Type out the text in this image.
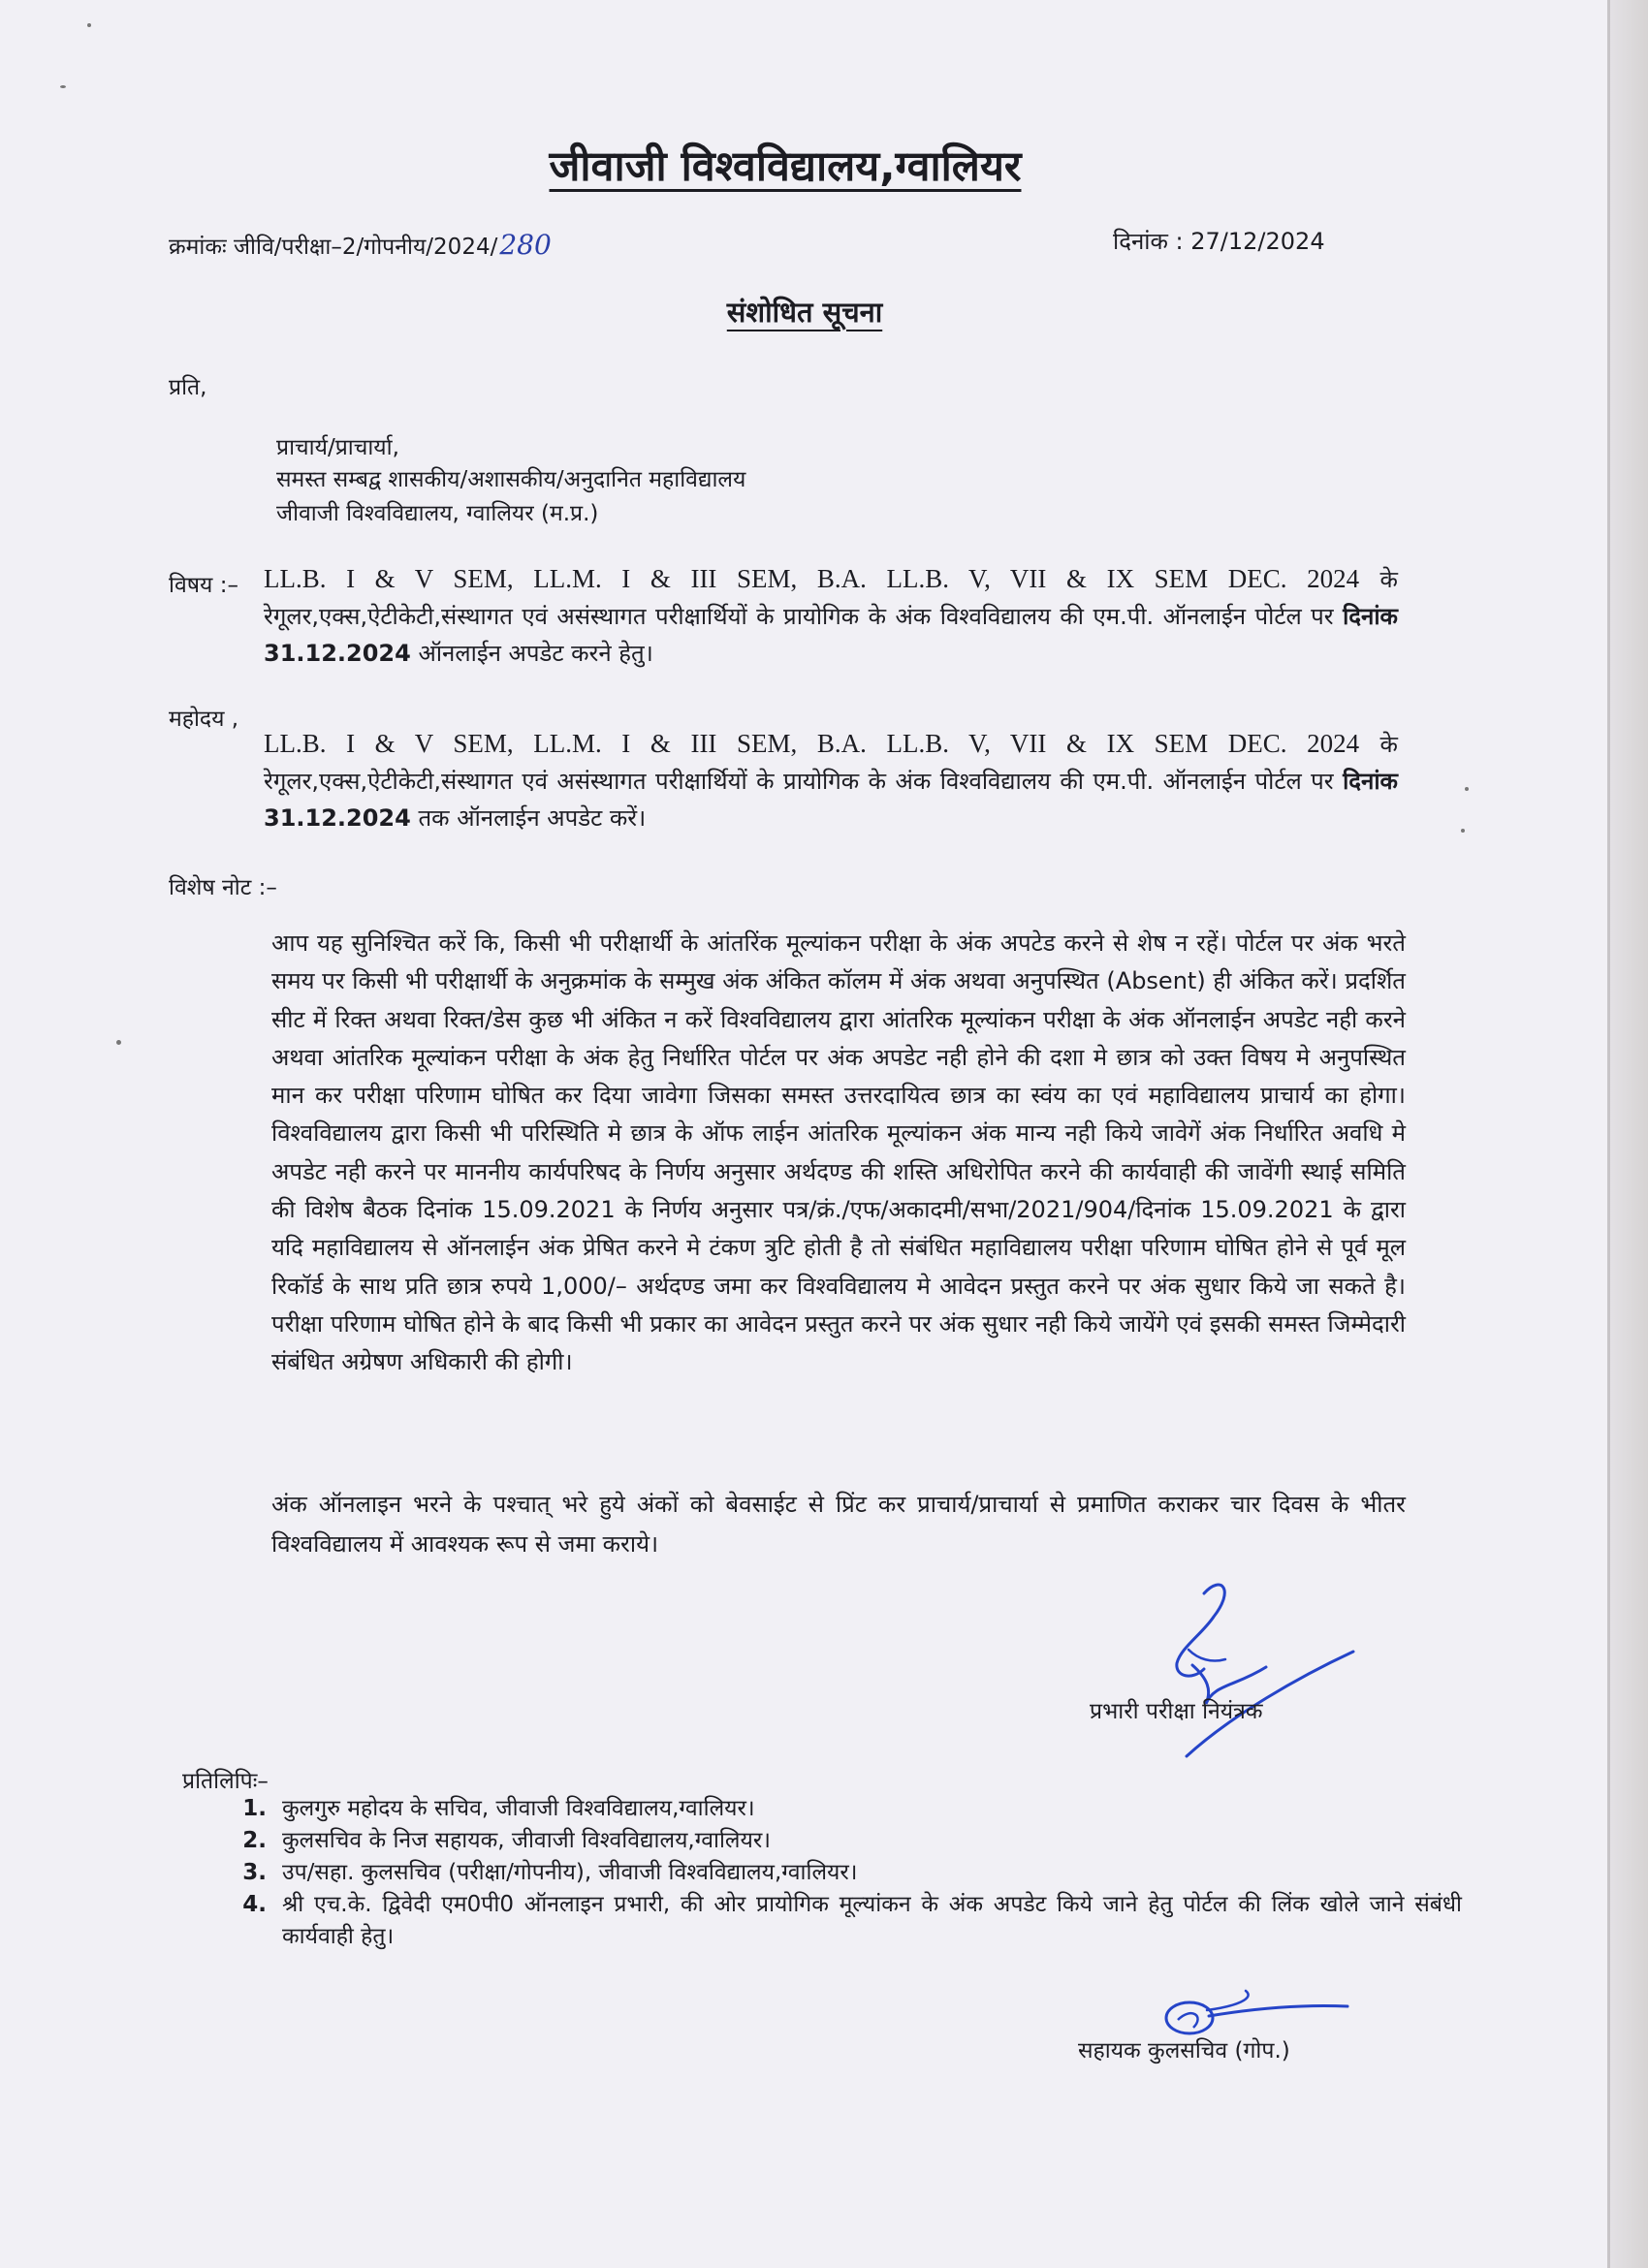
जीवाजी विश्वविद्यालय,ग्वालियर
क्रमांकः जीवि/परीक्षा–2/गोपनीय/2024/280	दिनांक : 27/12/2024
संशोधित सूचना
प्रति,
प्राचार्य/प्राचार्या,
समस्त सम्बद्व शासकीय/अशासकीय/अनुदानित महाविद्यालय
जीवाजी विश्वविद्यालय, ग्वालियर (म.प्र.)
विषय :– LL.B. I & V SEM, LL.M. I & III SEM, B.A. LL.B. V, VII & IX SEM DEC. 2024 के रेगूलर,एक्स,ऐटीकेटी,संस्थागत एवं असंस्थागत परीक्षार्थियों के प्रायोगिक के अंक विश्वविद्यालय की एम.पी. ऑनलाईन पोर्टल पर दिनांक 31.12.2024 ऑनलाईन अपडेट करने हेतु।
महोदय ,
LL.B. I & V SEM, LL.M. I & III SEM, B.A. LL.B. V, VII & IX SEM DEC. 2024 के रेगूलर,एक्स,ऐटीकेटी,संस्थागत एवं असंस्थागत परीक्षार्थियों के प्रायोगिक के अंक विश्वविद्यालय की एम.पी. ऑनलाईन पोर्टल पर दिनांक 31.12.2024 तक ऑनलाईन अपडेट करें।
विशेष नोट :–
आप यह सुनिश्चित करें कि, किसी भी परीक्षार्थी के आंतरिंक मूल्यांकन परीक्षा के अंक अपटेड करने से शेष न रहें। पोर्टल पर अंक भरते समय पर किसी भी परीक्षार्थी के अनुक्रमांक के सम्मुख अंक अंकित कॉलम में अंक अथवा अनुपस्थित (Absent) ही अंकित करें। प्रदर्शित सीट में रिक्त अथवा रिक्त/डेस कुछ भी अंकित न करें विश्वविद्यालय द्वारा आंतरिक मूल्यांकन परीक्षा के अंक ऑनलाईन अपडेट नही करने अथवा आंतरिक मूल्यांकन परीक्षा के अंक हेतु निर्धारित पोर्टल पर अंक अपडेट नही होने की दशा मे छात्र को उक्त विषय मे अनुपस्थित मान कर परीक्षा परिणाम घोषित कर दिया जावेगा जिसका समस्त उत्तरदायित्व छात्र का स्वंय का एवं महाविद्यालय प्राचार्य का होगा। विश्वविद्यालय द्वारा किसी भी परिस्थिति मे छात्र के ऑफ लाईन आंतरिक मूल्यांकन अंक मान्य नही किये जावेगें अंक निर्धारित अवधि मे अपडेट नही करने पर माननीय कार्यपरिषद के निर्णय अनुसार अर्थदण्ड की शस्ति अधिरोपित करने की कार्यवाही की जावेंगी स्थाई समिति की विशेष बैठक दिनांक 15.09.2021 के निर्णय अनुसार पत्र/क्रं./एफ/अकादमी/सभा/2021/904/दिनांक 15.09.2021 के द्वारा यदि महाविद्यालय से ऑनलाईन अंक प्रेषित करने मे टंकण त्रुटि होती है तो संबंधित महाविद्यालय परीक्षा परिणाम घोषित होने से पूर्व मूल रिकॉर्ड के साथ प्रति छात्र रुपये 1,000/– अर्थदण्ड जमा कर विश्वविद्यालय मे आवेदन प्रस्तुत करने पर अंक सुधार किये जा सकते है। परीक्षा परिणाम घोषित होने के बाद किसी भी प्रकार का आवेदन प्रस्तुत करने पर अंक सुधार नही किये जायेंगे एवं इसकी समस्त जिम्मेदारी संबंधित अग्रेषण अधिकारी की होगी।
अंक ऑनलाइन भरने के पश्चात् भरे हुये अंकों को बेवसाईट से प्रिंट कर प्राचार्य/प्राचार्या से प्रमाणित कराकर चार दिवस के भीतर विश्वविद्यालय में आवश्यक रूप से जमा कराये।
प्रभारी परीक्षा नियंत्रक
प्रतिलिपिः–
1. कुलगुरु महोदय के सचिव, जीवाजी विश्वविद्यालय,ग्वालियर।
2. कुलसचिव के निज सहायक, जीवाजी विश्वविद्यालय,ग्वालियर।
3. उप/सहा. कुलसचिव (परीक्षा/गोपनीय), जीवाजी विश्वविद्यालय,ग्वालियर।
4. श्री एच.के. द्विवेदी एम0पी0 ऑनलाइन प्रभारी, की ओर प्रायोगिक मूल्यांकन के अंक अपडेट किये जाने हेतु पोर्टल की लिंक खोले जाने संबंधी कार्यवाही हेतु।
सहायक कुलसचिव (गोप.)
